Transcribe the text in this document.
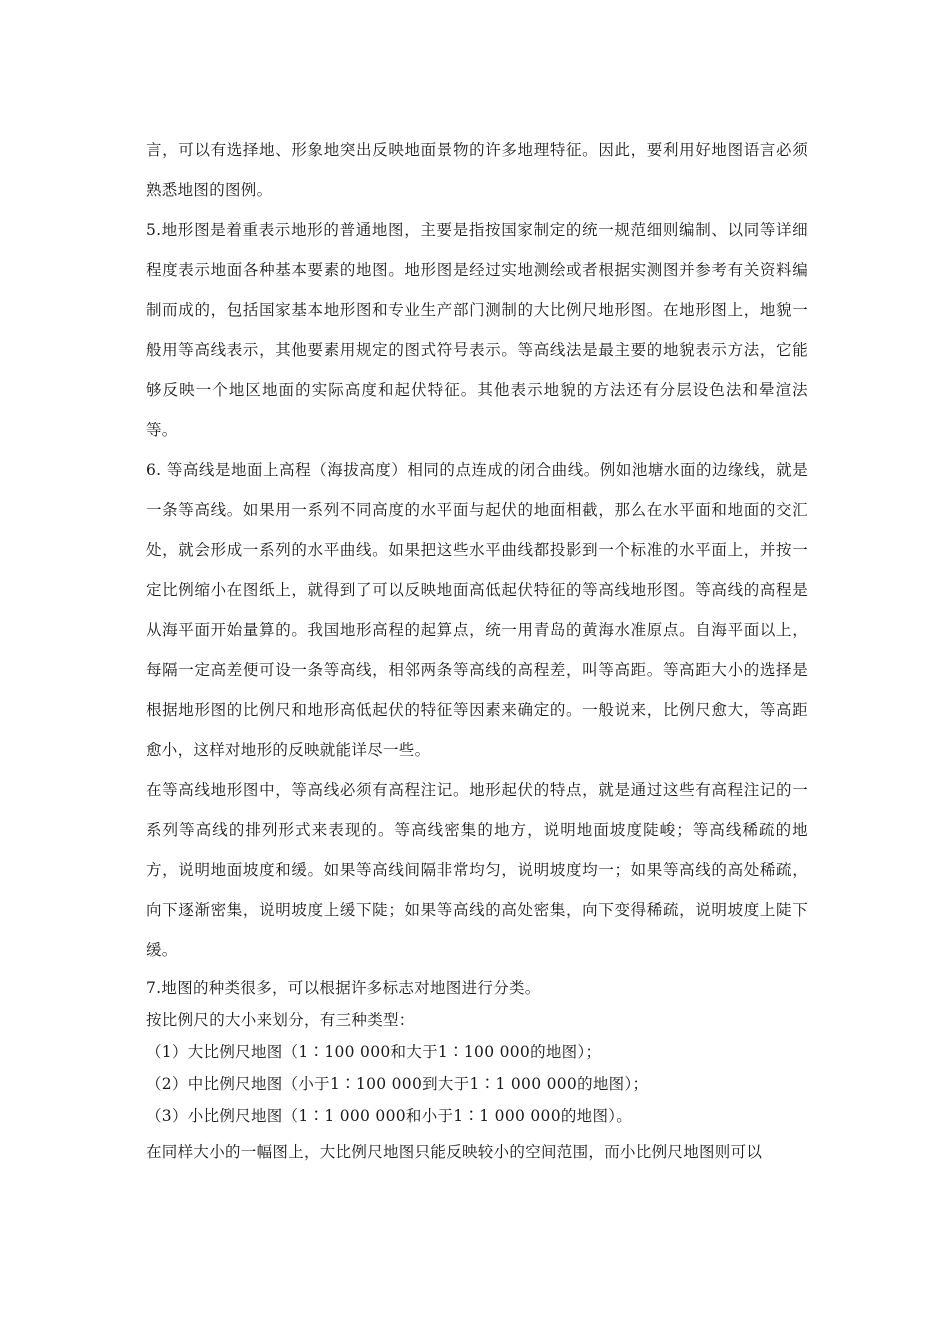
言，可以有选择地、形象地突出反映地面景物的许多地理特征。因此，要利用好地图语言必须熟悉地图的图例。

5.地形图是着重表示地形的普通地图，主要是指按国家制定的统一规范细则编制、以同等详细程度表示地面各种基本要素的地图。地形图是经过实地测绘或者根据实测图并参考有关资料编制而成的，包括国家基本地形图和专业生产部门测制的大比例尺地形图。在地形图上，地貌一般用等高线表示，其他要素用规定的图式符号表示。等高线法是最主要的地貌表示方法，它能够反映一个地区地面的实际高度和起伏特征。其他表示地貌的方法还有分层设色法和晕渲法等。

6. 等高线是地面上高程（海拔高度）相同的点连成的闭合曲线。例如池塘水面的边缘线，就是一条等高线。如果用一系列不同高度的水平面与起伏的地面相截，那么在水平面和地面的交汇处，就会形成一系列的水平曲线。如果把这些水平曲线都投影到一个标准的水平面上，并按一定比例缩小在图纸上，就得到了可以反映地面高低起伏特征的等高线地形图。等高线的高程是从海平面开始量算的。我国地形高程的起算点，统一用青岛的黄海水准原点。自海平面以上，每隔一定高差便可设一条等高线，相邻两条等高线的高程差，叫等高距。等高距大小的选择是根据地形图的比例尺和地形高低起伏的特征等因素来确定的。一般说来，比例尺愈大，等高距愈小，这样对地形的反映就能详尽一些。

在等高线地形图中，等高线必须有高程注记。地形起伏的特点，就是通过这些有高程注记的一系列等高线的排列形式来表现的。等高线密集的地方，说明地面坡度陡峻；等高线稀疏的地方，说明地面坡度和缓。如果等高线间隔非常均匀，说明坡度均一；如果等高线的高处稀疏，向下逐渐密集，说明坡度上缓下陡；如果等高线的高处密集，向下变得稀疏，说明坡度上陡下缓。

7.地图的种类很多，可以根据许多标志对地图进行分类。

按比例尺的大小来划分，有三种类型：

（1）大比例尺地图（1∶100 000和大于1∶100 000的地图）；

（2）中比例尺地图（小于1∶100 000到大于1∶1 000 000的地图）；

（3）小比例尺地图（1∶1 000 000和小于1∶1 000 000的地图）。

在同样大小的一幅图上，大比例尺地图只能反映较小的空间范围，而小比例尺地图则可以
